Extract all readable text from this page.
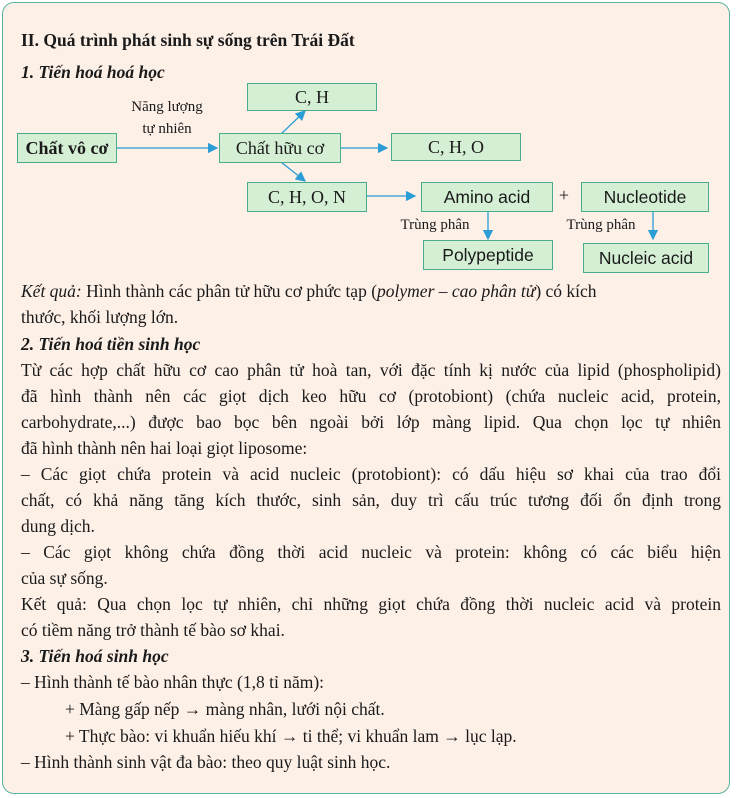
II. Quá trình phát sinh sự sống trên Trái Đất
1. Tiến hoá hoá học
Chất vô cơ
Năng lượng
tự nhiên
Chất hữu cơ
C, H
C, H, O
C, H, O, N	Amino acid	+	Nucleotide
Trùng phân	Trùng phân
Polypeptide	Nucleic acid
Kết quả: Hình thành các phân tử hữu cơ phức tạp (polymer – cao phân tử) có kích
thước, khối lượng lớn.
2. Tiến hoá tiền sinh học
Từ các hợp chất hữu cơ cao phân tử hoà tan, với đặc tính kị nước của lipid (phospholipid)
đã hình thành nên các giọt dịch keo hữu cơ (protobiont) (chứa nucleic acid, protein,
carbohydrate,...) được bao bọc bên ngoài bởi lớp màng lipid. Qua chọn lọc tự nhiên
đã hình thành nên hai loại giọt liposome:
– Các giọt chứa protein và acid nucleic (protobiont): có dấu hiệu sơ khai của trao đổi
chất, có khả năng tăng kích thước, sinh sản, duy trì cấu trúc tương đối ổn định trong
dung dịch.
– Các giọt không chứa đồng thời acid nucleic và protein: không có các biểu hiện
của sự sống.
Kết quả: Qua chọn lọc tự nhiên, chỉ những giọt chứa đồng thời nucleic acid và protein
có tiềm năng trở thành tế bào sơ khai.
3. Tiến hoá sinh học
– Hình thành tế bào nhân thực (1,8 tỉ năm):
+ Màng gấp nếp → màng nhân, lưới nội chất.
+ Thực bào: vi khuẩn hiếu khí → ti thể; vi khuẩn lam → lục lạp.
– Hình thành sinh vật đa bào: theo quy luật sinh học.
